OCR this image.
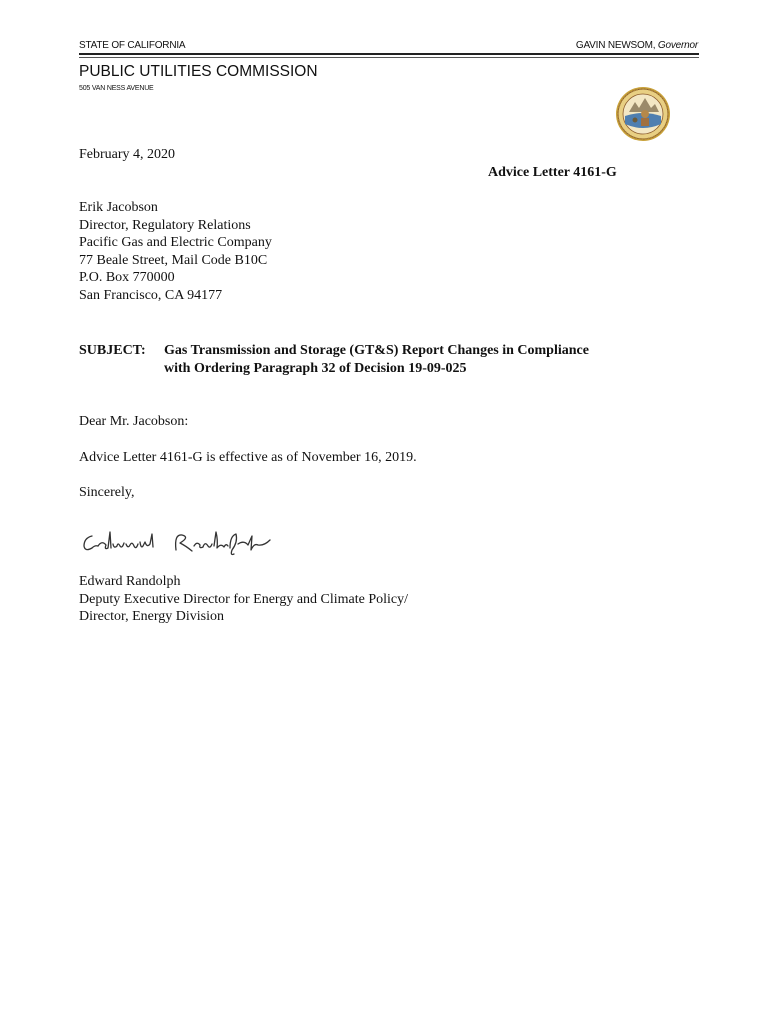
STATE OF CALIFORNIA	GAVIN NEWSOM, Governor
PUBLIC UTILITIES COMMISSION
505 VAN NESS AVENUE
February 4, 2020
Advice Letter 4161-G
Erik Jacobson
Director, Regulatory Relations
Pacific Gas and Electric Company
77 Beale Street, Mail Code B10C
P.O. Box 770000
San Francisco, CA 94177
SUBJECT: Gas Transmission and Storage (GT&S) Report Changes in Compliance
with Ordering Paragraph 32 of Decision 19-09-025
Dear Mr. Jacobson:
Advice Letter 4161-G is effective as of November 16, 2019.
Sincerely,
Edward Randolph
Deputy Executive Director for Energy and Climate Policy/
Director, Energy Division
